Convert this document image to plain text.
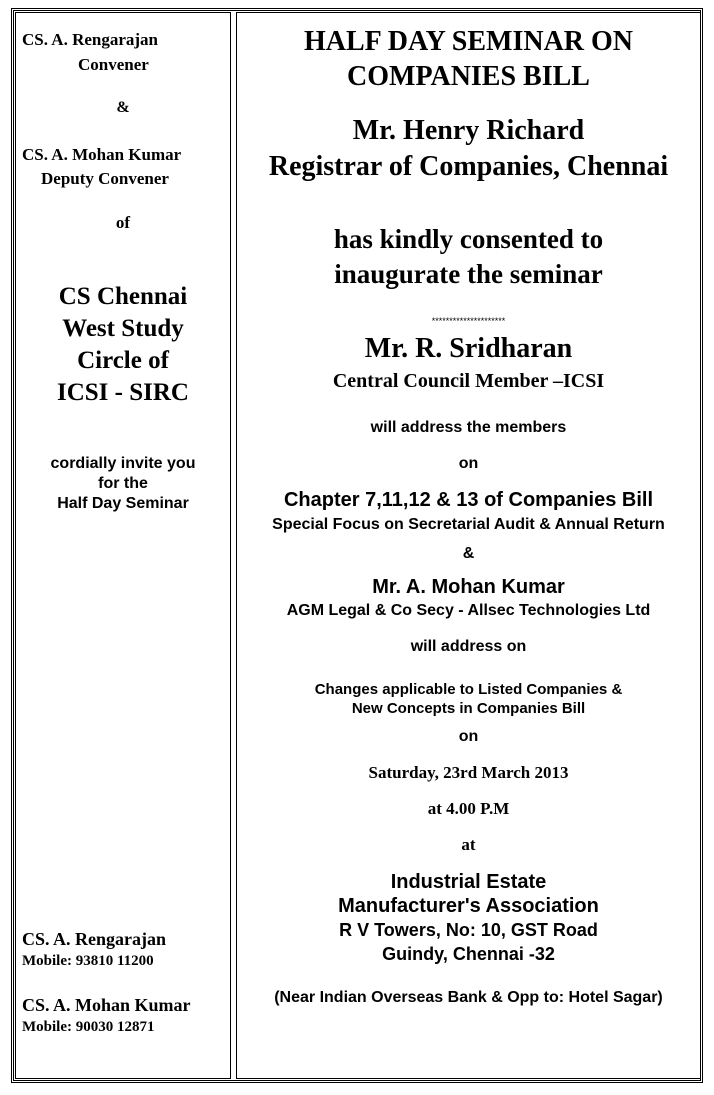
CS. A. Rengarajan
Convener
&
CS. A. Mohan Kumar
Deputy Convener
of
CS Chennai
West Study
Circle of
ICSI - SIRC
cordially invite you
for the
Half Day Seminar
CS. A. Rengarajan
Mobile: 93810 11200
CS. A. Mohan Kumar
Mobile: 90030 12871
HALF DAY SEMINAR ON
COMPANIES BILL
Mr. Henry Richard
Registrar of Companies, Chennai
has kindly consented to
inaugurate the seminar
*********************
Mr. R. Sridharan
Central Council Member –ICSI
will address the members
on
Chapter 7,11,12 & 13 of Companies Bill
Special Focus on Secretarial Audit & Annual Return
&
Mr. A. Mohan Kumar
AGM Legal & Co Secy - Allsec Technologies Ltd
will address on
Changes applicable to Listed Companies &
New Concepts in Companies Bill
on
Saturday, 23rd March 2013
at 4.00 P.M
at
Industrial Estate
Manufacturer's Association
R V Towers, No: 10, GST Road
Guindy, Chennai -32
(Near Indian Overseas Bank & Opp to: Hotel Sagar)
